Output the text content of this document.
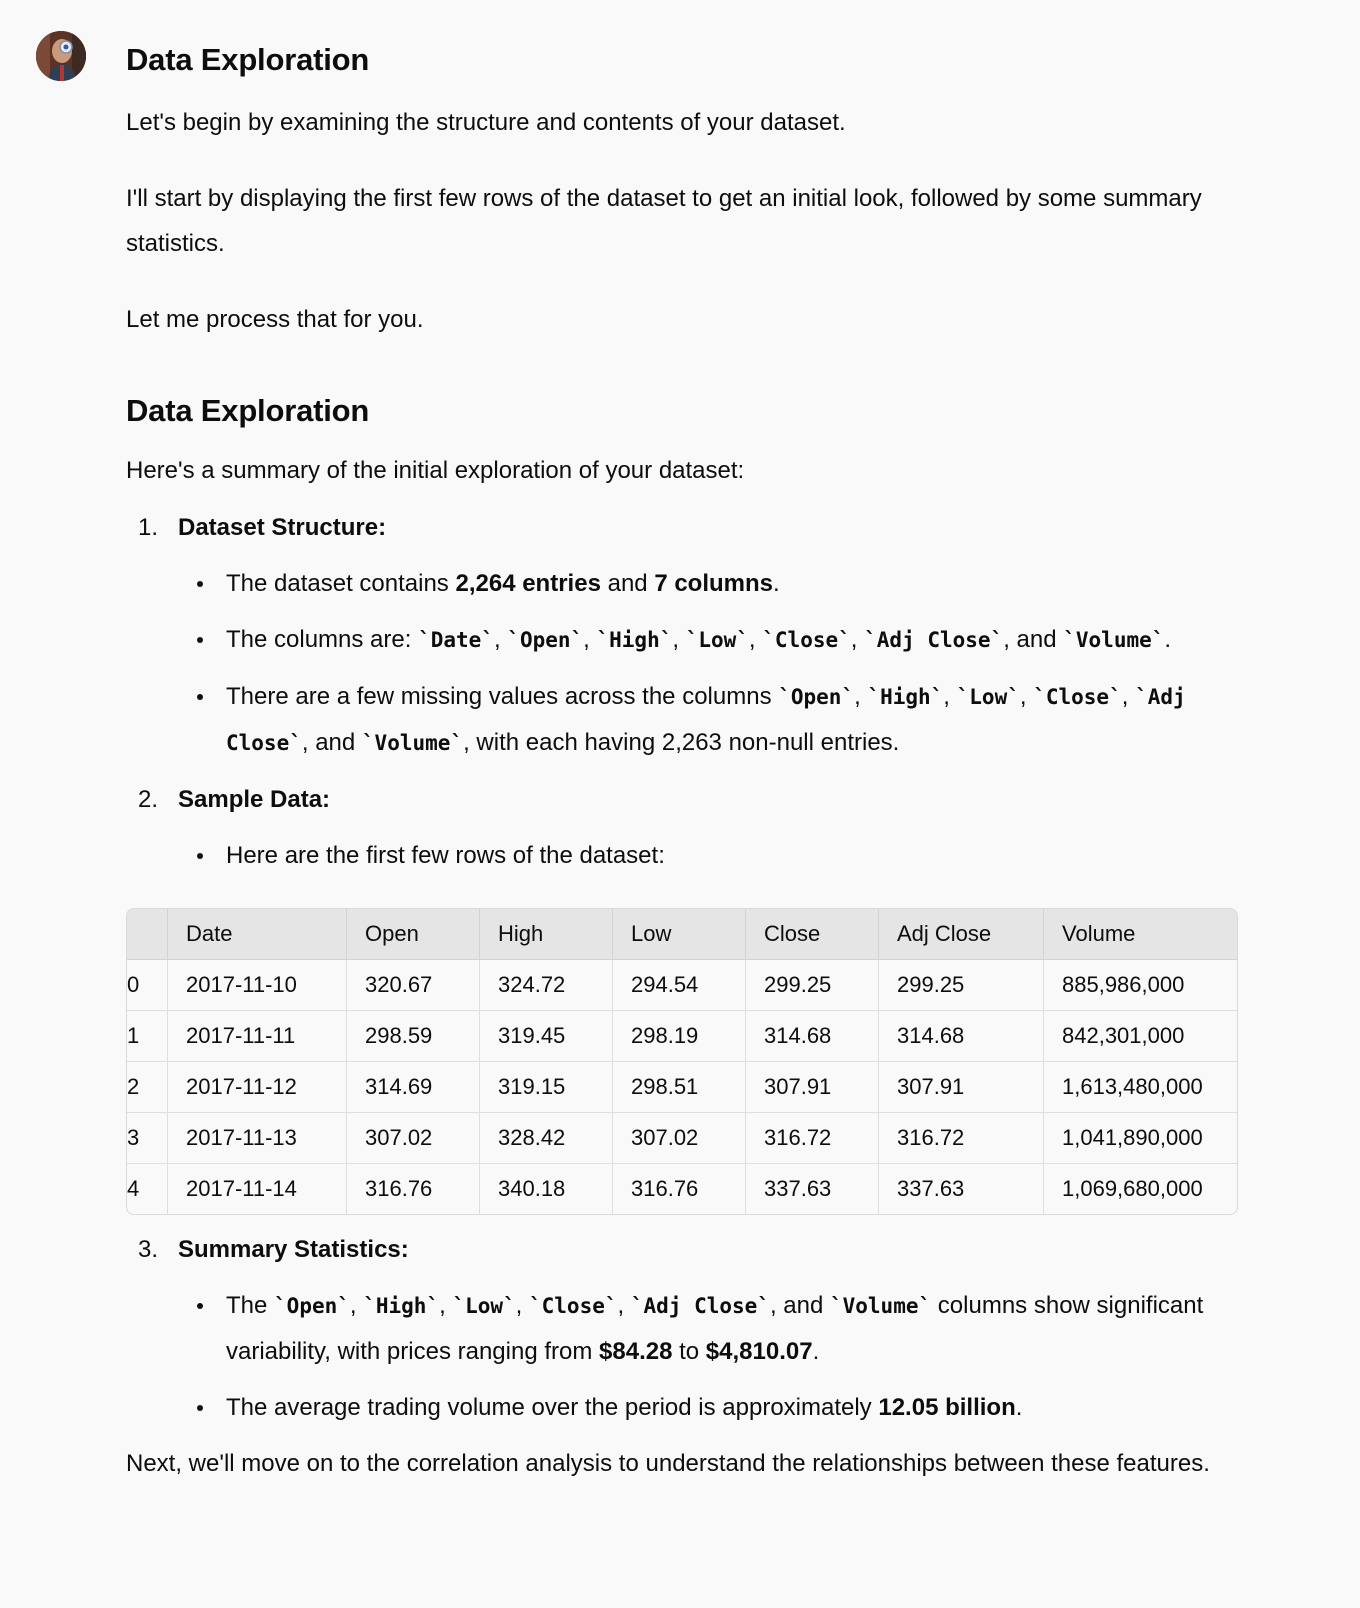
Data Exploration

Let's begin by examining the structure and contents of your dataset.

I'll start by displaying the first few rows of the dataset to get an initial look, followed by some summary statistics.

Let me process that for you.

Data Exploration

Here's a summary of the initial exploration of your dataset:

1. Dataset Structure:
The dataset contains 2,264 entries and 7 columns.
The columns are: `Date`, `Open`, `High`, `Low`, `Close`, `Adj Close`, and `Volume`.
There are a few missing values across the columns `Open`, `High`, `Low`, `Close`, `Adj Close`, and `Volume`, with each having 2,263 non-null entries.
2. Sample Data:
Here are the first few rows of the dataset:
	Date	Open	High	Low	Close	Adj Close	Volume
0	2017-11-10	320.67	324.72	294.54	299.25	299.25	885,986,000
1	2017-11-11	298.59	319.45	298.19	314.68	314.68	842,301,000
2	2017-11-12	314.69	319.15	298.51	307.91	307.91	1,613,480,000
3	2017-11-13	307.02	328.42	307.02	316.72	316.72	1,041,890,000
4	2017-11-14	316.76	340.18	316.76	337.63	337.63	1,069,680,000
3. Summary Statistics:
The `Open`, `High`, `Low`, `Close`, `Adj Close`, and `Volume` columns show significant variability, with prices ranging from $84.28 to $4,810.07.
The average trading volume over the period is approximately 12.05 billion.

Next, we'll move on to the correlation analysis to understand the relationships between these features.
